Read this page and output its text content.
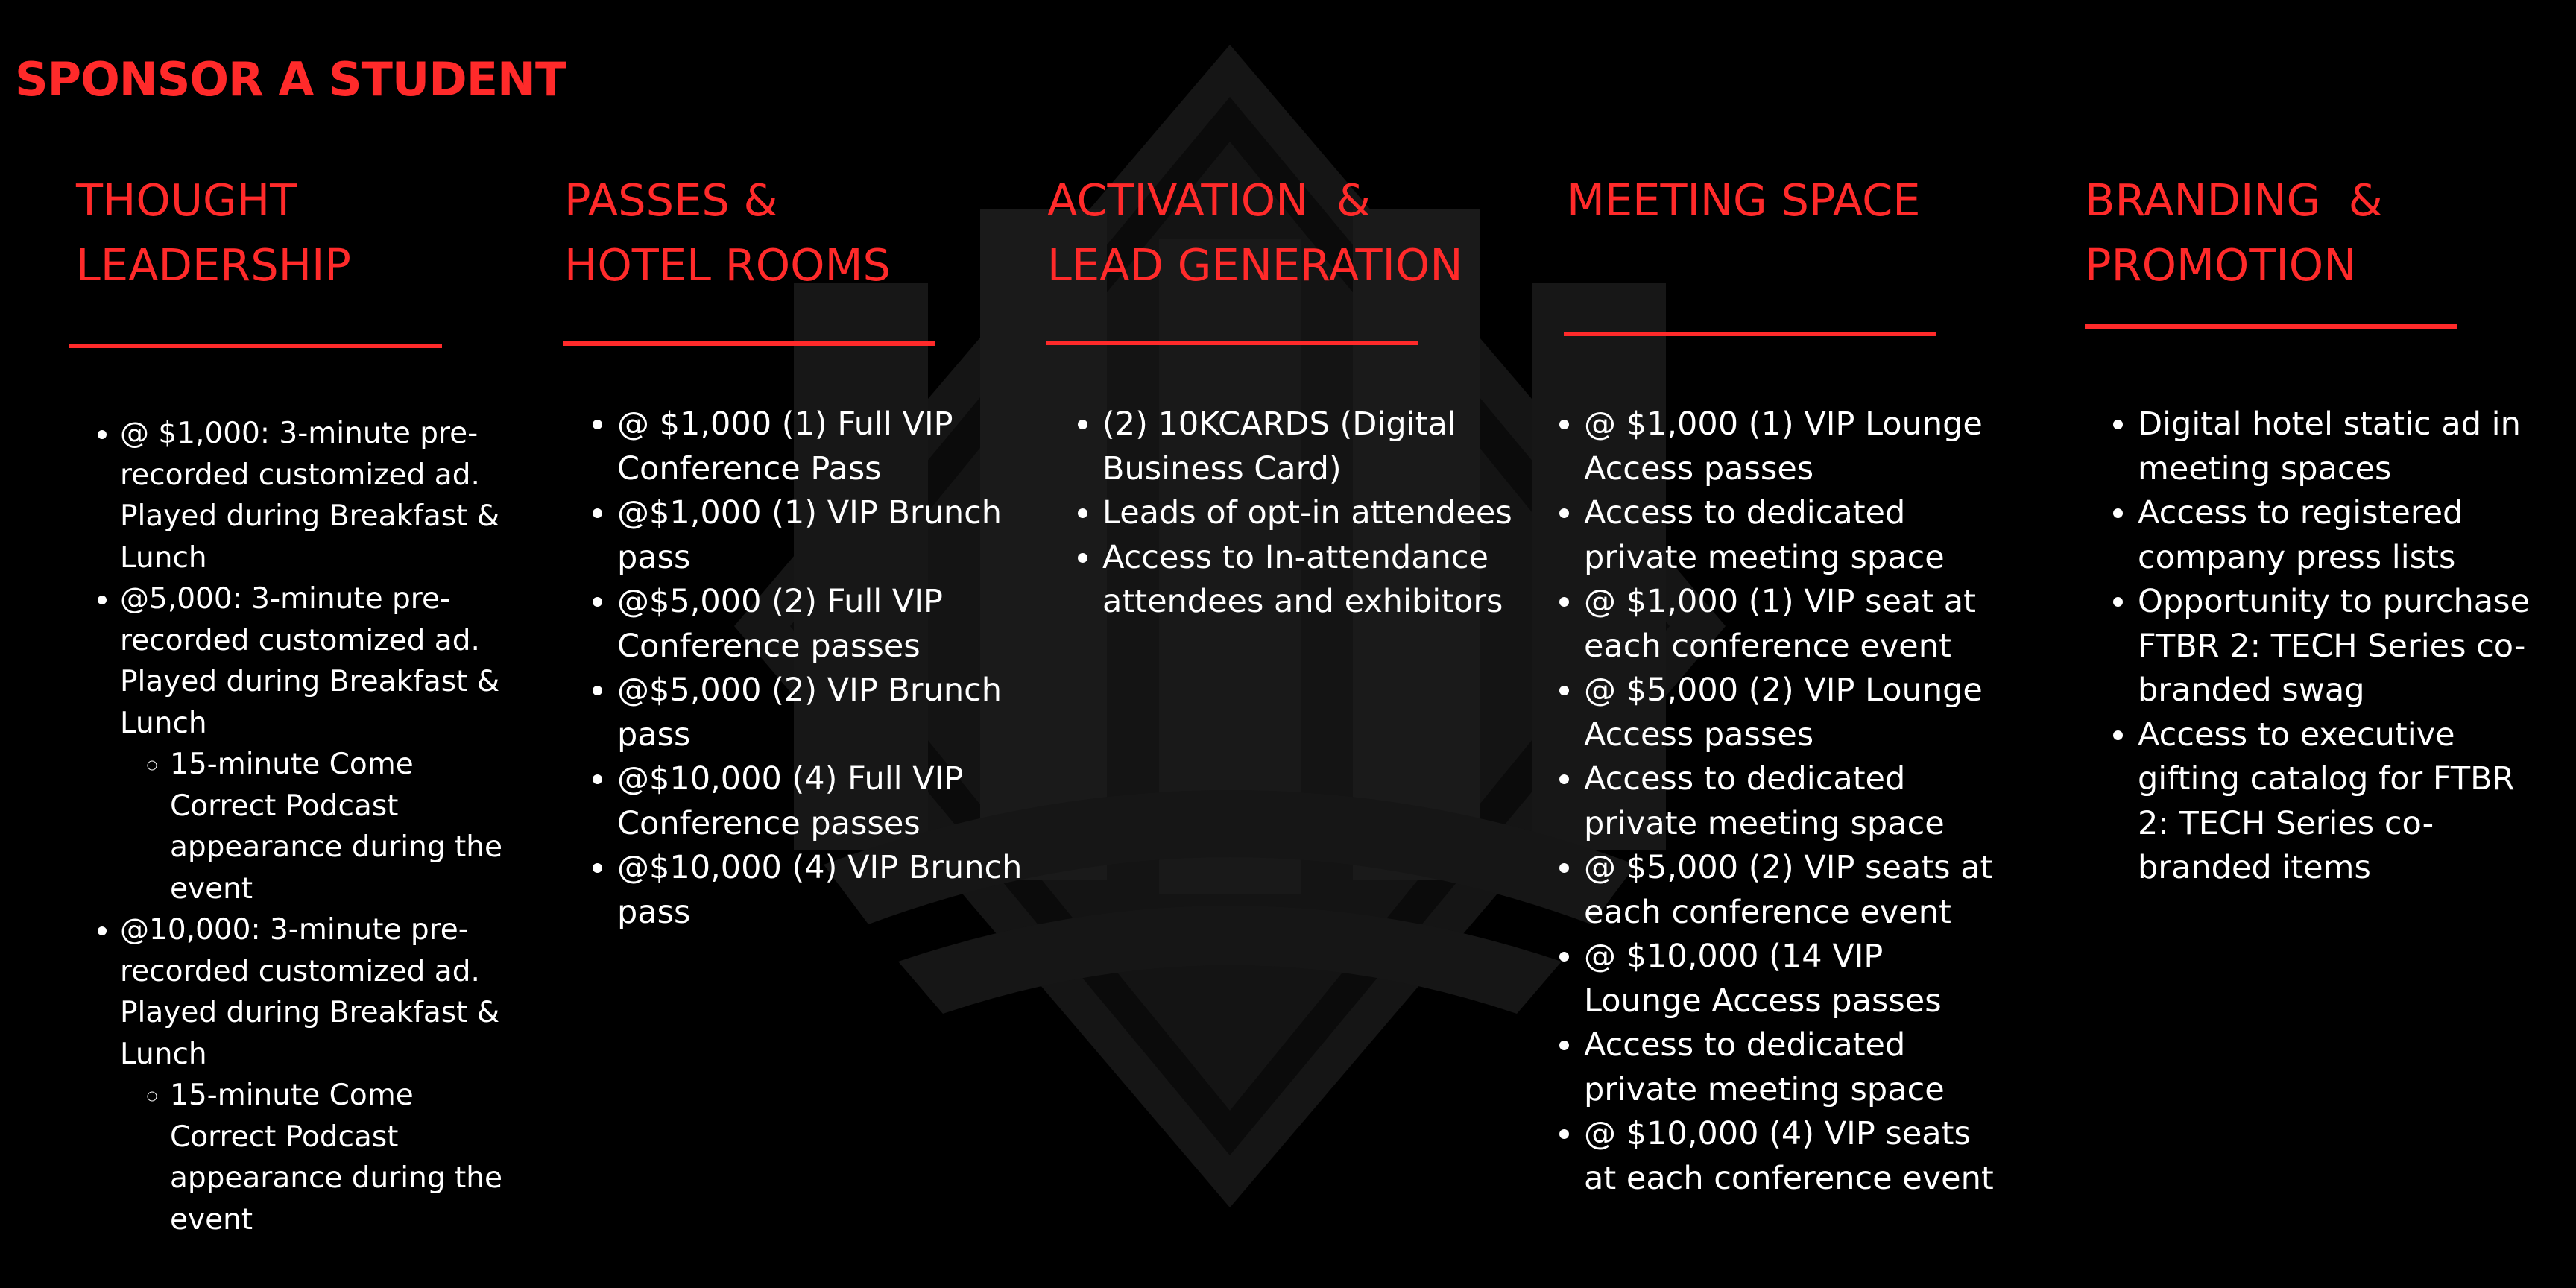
SPONSOR A STUDENT
THOUGHT
LEADERSHIP
• @ $1,000: 3-minute pre-recorded customized ad. Played during Breakfast & Lunch
• @5,000: 3-minute pre-recorded customized ad. Played during Breakfast & Lunch
◦ 15-minute Come Correct Podcast appearance during the event
• @10,000: 3-minute pre-recorded customized ad. Played during Breakfast & Lunch
◦ 15-minute Come Correct Podcast appearance during the event
PASSES &
HOTEL ROOMS
• @ $1,000 (1) Full VIP Conference Pass
• @$1,000 (1) VIP Brunch pass
• @$5,000 (2) Full VIP Conference passes
• @$5,000 (2) VIP Brunch pass
• @$10,000 (4) Full VIP Conference passes
• @$10,000 (4) VIP Brunch pass
ACTIVATION  &
LEAD GENERATION
• (2) 10KCARDS (Digital Business Card)
• Leads of opt-in attendees
• Access to In-attendance attendees and exhibitors
MEETING SPACE
• @ $1,000 (1) VIP Lounge Access passes
• Access to dedicated private meeting space
• @ $1,000 (1) VIP seat at each conference event
• @ $5,000 (2) VIP Lounge Access passes
• Access to dedicated private meeting space
• @ $5,000 (2) VIP seats at each conference event
• @ $10,000 (14 VIP Lounge Access passes
• Access to dedicated private meeting space
• @ $10,000 (4) VIP seats at each conference event
BRANDING  &
PROMOTION
• Digital hotel static ad in meeting spaces
• Access to registered company press lists
• Opportunity to purchase FTBR 2: TECH Series co-branded swag
• Access to executive gifting catalog for FTBR 2: TECH Series co-branded items
